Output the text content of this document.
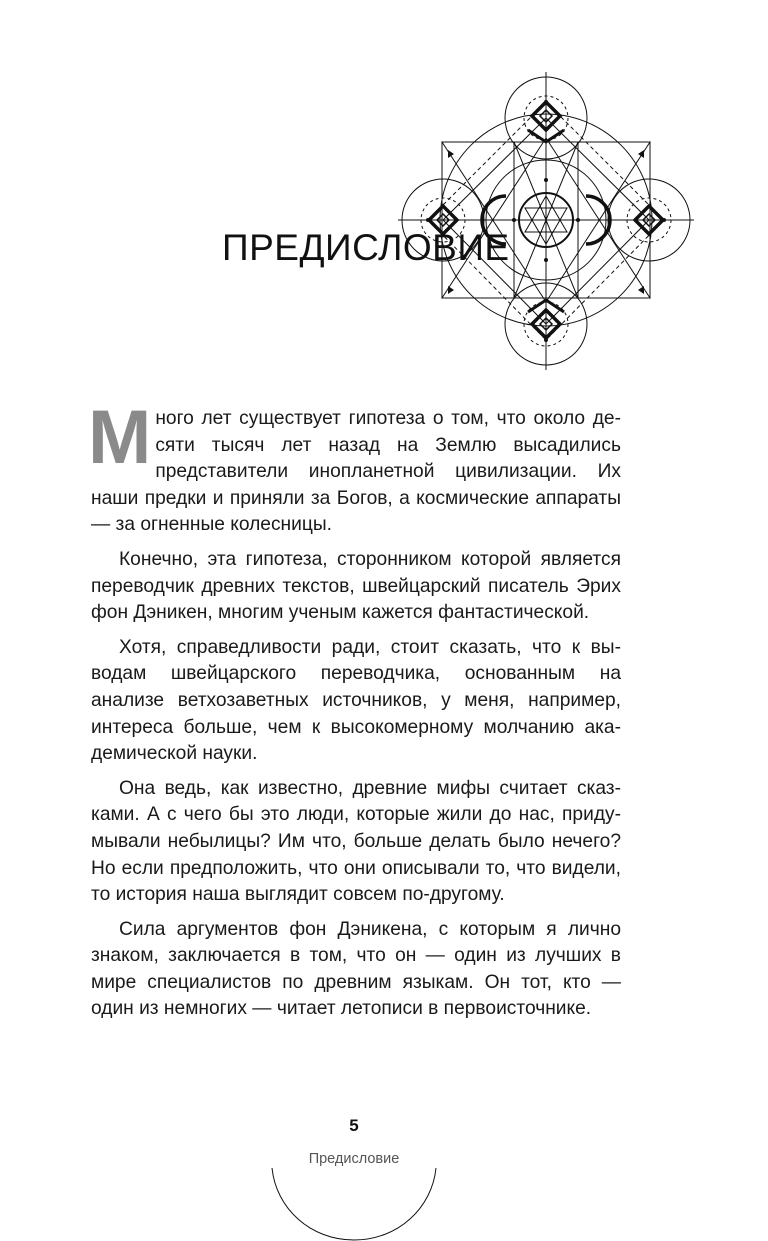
ПРЕДИСЛОВИЕ

Много лет существует гипотеза о том, что около десяти тысяч лет назад на Землю высадились представители инопланетной цивилизации. Их наши предки и приняли за Богов, а космические аппараты — за огненные колесницы.

Конечно, эта гипотеза, сторонником которой является переводчик древних текстов, швейцарский писатель Эрих фон Дэникен, многим ученым кажется фантастической.

Хотя, справедливости ради, стоит сказать, что к выводам швейцарского переводчика, основанным на анализе ветхозаветных источников, у меня, например, интереса больше, чем к высокомерному молчанию академической науки.

Она ведь, как известно, древние мифы считает сказками. А с чего бы это люди, которые жили до нас, придумывали небылицы? Им что, больше делать было нечего? Но если предположить, что они описывали то, что видели, то история наша выглядит совсем по-другому.

Сила аргументов фон Дэникена, с которым я лично знаком, заключается в том, что он — один из лучших в мире специалистов по древним языкам. Он тот, кто — один из немногих — читает летописи в первоисточнике.

5
Предисловие
